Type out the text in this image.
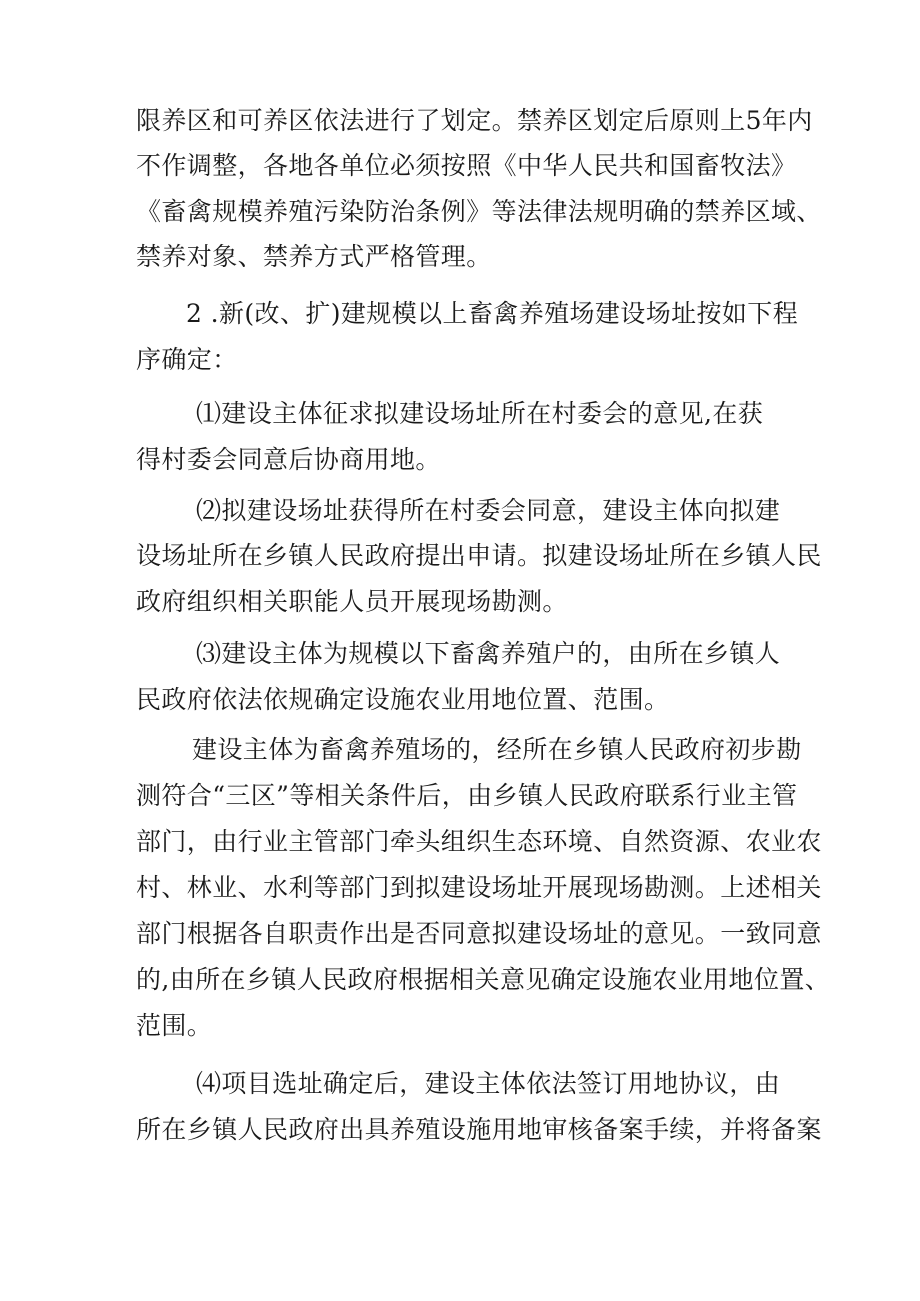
限养区和可养区依法进行了划定。禁养区划定后原则上5年内
不作调整，各地各单位必须按照《中华人民共和国畜牧法》
《畜禽规模养殖污染防治条例》等法律法规明确的禁养区域、
禁养对象、禁养方式严格管理。
2 .新(改、扩)建规模以上畜禽养殖场建设场址按如下程
序确定：
⑴建设主体征求拟建设场址所在村委会的意见,在获
得村委会同意后协商用地。
⑵拟建设场址获得所在村委会同意，建设主体向拟建
设场址所在乡镇人民政府提出申请。拟建设场址所在乡镇人民
政府组织相关职能人员开展现场勘测。
⑶建设主体为规模以下畜禽养殖户的，由所在乡镇人
民政府依法依规确定设施农业用地位置、范围。
建设主体为畜禽养殖场的，经所在乡镇人民政府初步勘
测符合“三区”等相关条件后，由乡镇人民政府联系行业主管
部门，由行业主管部门牵头组织生态环境、自然资源、农业农
村、林业、水利等部门到拟建设场址开展现场勘测。上述相关
部门根据各自职责作出是否同意拟建设场址的意见。一致同意
的,由所在乡镇人民政府根据相关意见确定设施农业用地位置、
范围。
⑷项目选址确定后，建设主体依法签订用地协议，由
所在乡镇人民政府出具养殖设施用地审核备案手续，并将备案
